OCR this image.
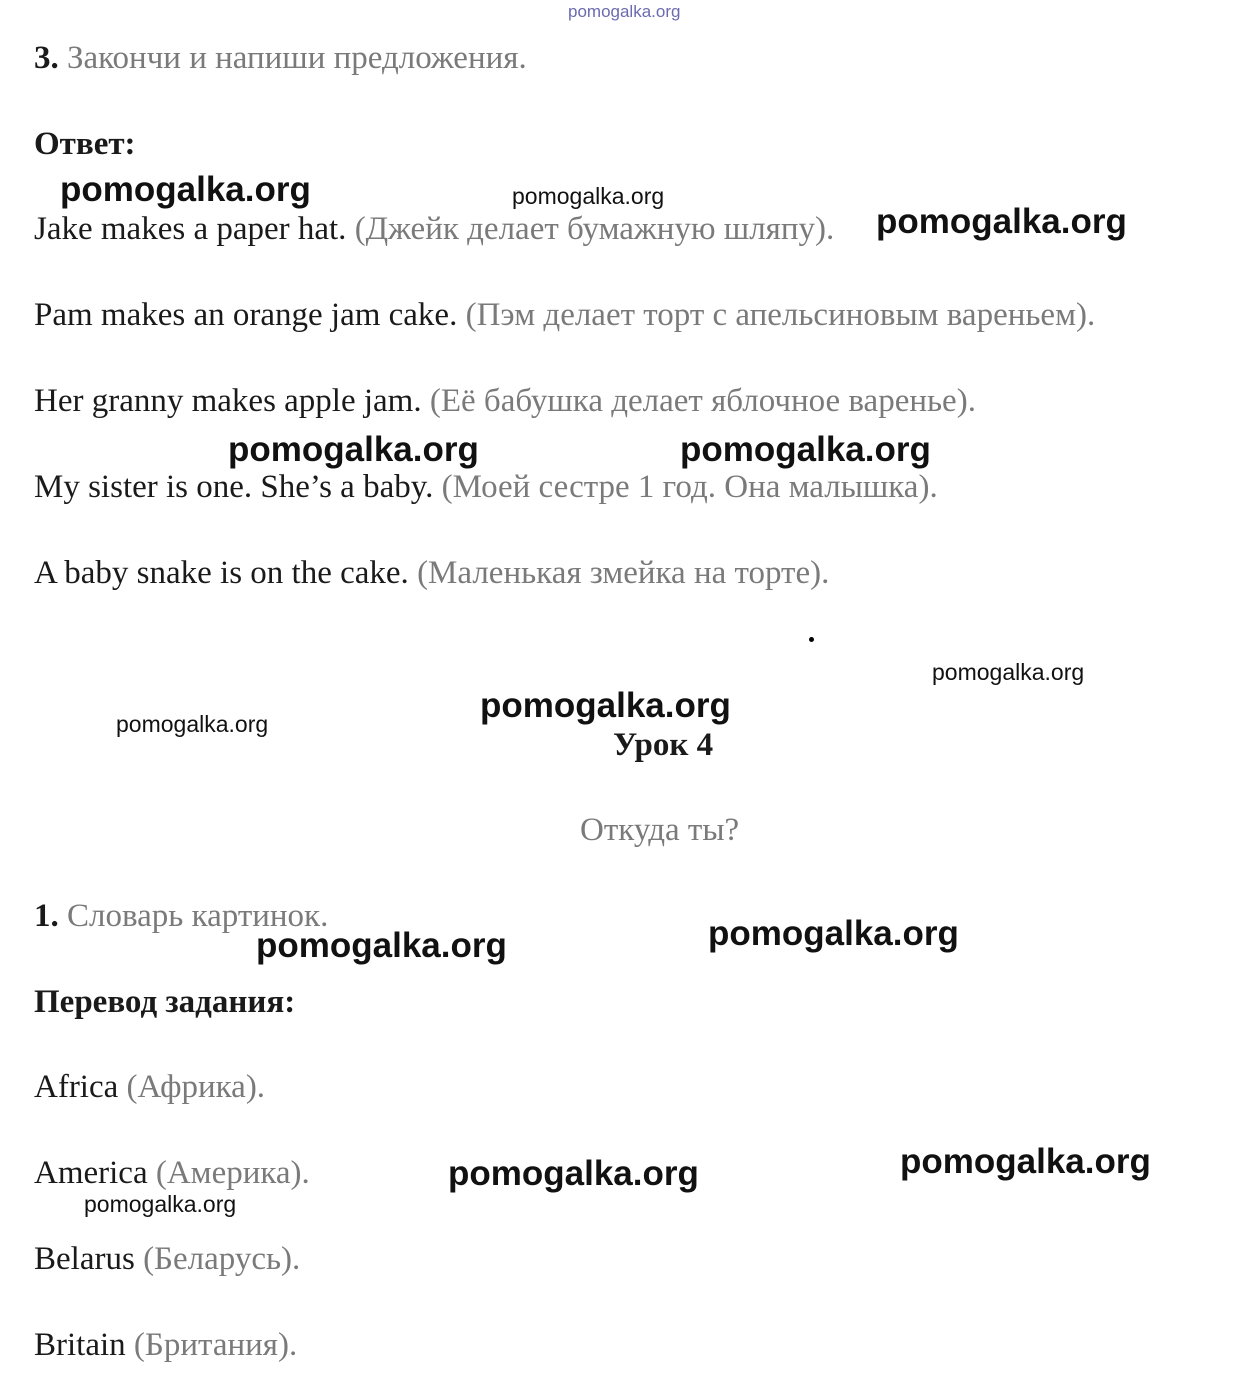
pomogalka.org
3. Закончи и напиши предложения.
Ответ:
Jake makes a paper hat. (Джейк делает бумажную шляпу).
Pam makes an orange jam cake. (Пэм делает торт с апельсиновым вареньем).
Her granny makes apple jam. (Её бабушка делает яблочное варенье).
My sister is one. She’s a baby. (Моей сестре 1 год. Она малышка).
A baby snake is on the cake. (Маленькая змейка на торте).
Урок 4
Откуда ты?
1. Словарь картинок.
Перевод задания:
Africa (Африка).
America (Америка).
Belarus (Беларусь).
Britain (Британия).
pomogalka.org	pomogalka.org
pomogalka.org
pomogalka.org	pomogalka.org
pomogalka.org
pomogalka.org
pomogalka.org
pomogalka.org
pomogalka.org
pomogalka.org
pomogalka.org
pomogalka.org
